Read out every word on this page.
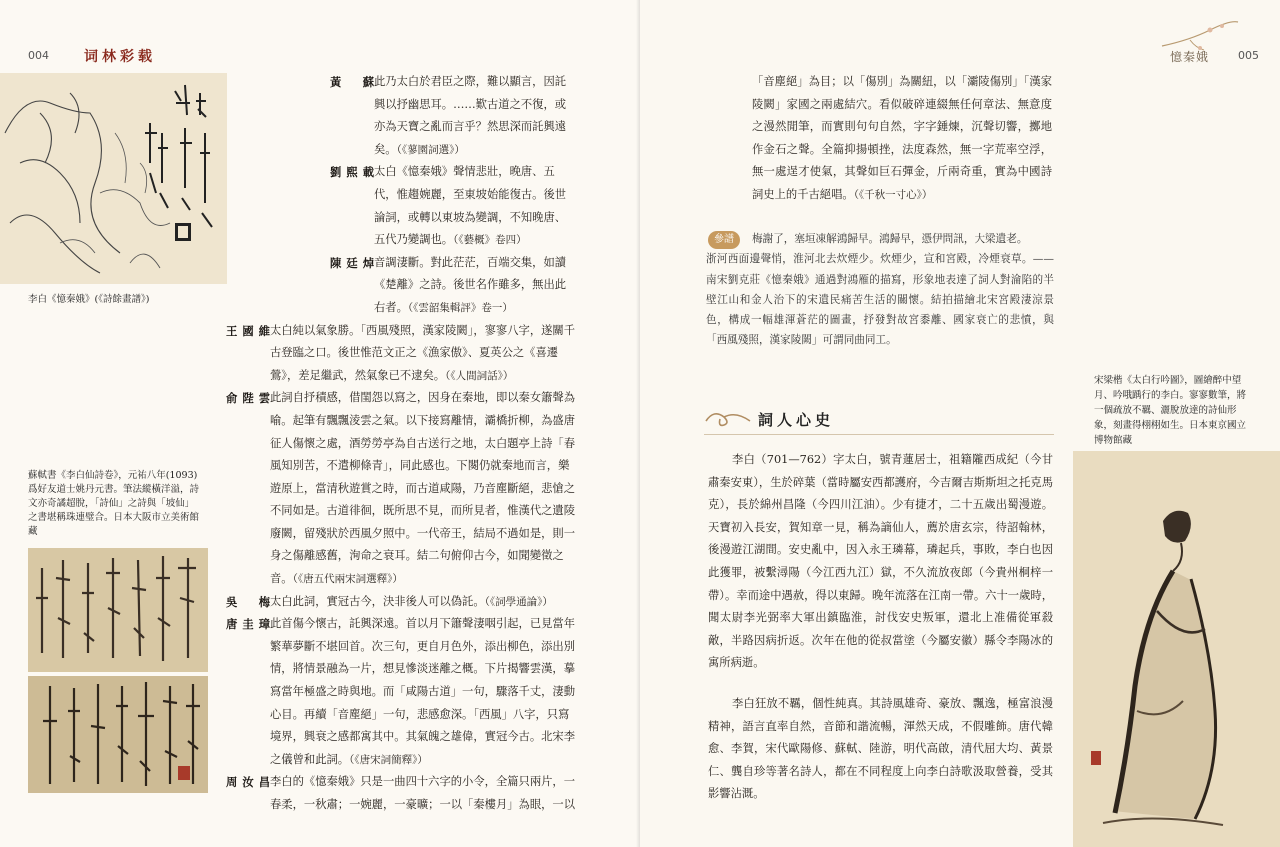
004	词林彩载
李白《憶秦娥》(《詩餘畫譜》)
蘇軾書《李白仙詩卷》，元祐八年(1093)爲好友道士姚丹元書。筆法縱橫洋溢，詩文亦奇譎超脫，「詩仙」之詩與「坡仙」之書堪稱珠連璧合。日本大阪市立美術館藏
黃蘇 此乃太白於君臣之際，難以顯言，因託興以抒幽思耳。……歎古道之不復，或亦為天寶之亂而言乎？然思深而託興遠矣。（《蓼園詞選》）
劉熙載 太白《憶秦娥》聲情悲壯，晚唐、五代，惟趨婉麗，至東坡始能復古。後世論詞，或轉以東坡為變調，不知晚唐、五代乃變調也。（《藝概》卷四）
陳廷焯 音調淒斷。對此茫茫，百端交集，如讀《楚離》之詩。後世名作雖多，無出此右者。（《雲韶集輯評》卷一）
王國維 太白純以氣象勝。「西風殘照，漢家陵闕」，寥寥八字，遂關千古登臨之口。後世惟范文正之《漁家傲》、夏英公之《喜遷鶯》，差足繼武，然氣象已不逮矣。（《人間詞話》）
俞陛雲 此詞自抒積感，借閨怨以寫之，因身在秦地，即以秦女簫聲為喻。起筆有飄飄淩雲之氣。以下接寫離情，灞橋折柳，為盛唐征人傷懷之處，酒勞勞亭為自古送行之地，太白題亭上詩「春風知別苦，不遣柳條青」，同此感也。下闋仍就秦地而言，樂遊原上，當清秋遊賞之時，而古道咸陽，乃音塵斷絕，悲愴之不同如是。古道徘徊，既所思不見，而所見者，惟漢代之遺陵廢闕，留殘狀於西風夕照中。一代帝王，結局不過如是，則一身之傷離感舊，洵命之衰耳。結二句俯仰古今，如聞變徵之音。（《唐五代兩宋詞選釋》）
吳梅 太白此詞，實冠古今，決非後人可以偽託。（《詞學通論》）
唐圭璋 此首傷今懷古，託興深遠。首以月下簫聲淒咽引起，已見當年繁華夢斷不堪回首。次三句，更自月色外，添出柳色，添出別情，將情景融為一片，想見慘淡迷離之概。下片揭響雲漢，摹寫當年極盛之時與地。而「咸陽古道」一句，驟落千丈，淒動心目。再續「音塵絕」一句，悲感愈深。「西風」八字，只寫境界，興衰之感都寓其中。其氣魄之雄偉，實冠今古。北宋李之儀曾和此詞。（《唐宋詞簡釋》）
周汝昌 李白的《憶秦娥》只是一曲四十六字的小令，全篇只兩片，一春柔，一秋肅；一婉麗，一豪曠；一以「秦樓月」為眼，一以
憶秦娥	005
「音塵絕」為目；以「傷別」為關紐，以「灞陵傷別」「漢家陵闕」家國之兩處結穴。看似破碎連綴無任何章法、無意度之漫然閒筆，而實則句句自然，字字錘煉，沉聲切響，擲地作金石之聲。全篇抑揚頓挫，法度森然，無一字荒率空浮，無一處逞才使氣，其聲如巨石彈金，斤兩奇重，實為中國詩詞史上的千古絕唱。（《千秋一寸心》）
參譜 梅謝了，塞垣凍解鴻歸早。鴻歸早，憑伊問訊，大梁遺老。
浙河西面邊聲悄，淮河北去炊煙少。炊煙少，宣和宮殿，冷煙衰草。——南宋劉克莊《憶秦娥》通過對鴻雁的描寫，形象地表達了詞人對淪陷的半壁江山和金人治下的宋遺民痛苦生活的關懷。結拍描繪北宋宮殿淒涼景色，構成一幅雄渾蒼茫的圖畫，抒發對故宮黍離、國家衰亡的悲憤，與「西風殘照，漢家陵闕」可謂同曲同工。
詞人心史
李白（701—762）字太白，號青蓮居士，祖籍隴西成紀（今甘肅秦安東），生於碎葉（當時屬安西都護府，今吉爾吉斯斯坦之托克馬克），長於綿州昌隆（今四川江油）。少有捷才，二十五歲出蜀漫遊。天寶初入長安，賀知章一見，稱為謫仙人，薦於唐玄宗，待詔翰林，後漫遊江湖間。安史亂中，因入永王璘幕，璘起兵，事敗，李白也因此獲罪，被繫潯陽（今江西九江）獄，不久流放夜郎（今貴州桐梓一帶）。幸而途中遇赦，得以東歸。晚年流落在江南一帶。六十一歲時，聞太尉李光弼率大軍出鎮臨淮，討伐安史叛軍，還北上准備從軍殺敵，半路因病折返。次年在他的從叔當塗（今屬安徽）縣令李陽冰的寓所病逝。
李白狂放不羈，個性純真。其詩風雄奇、豪放、飄逸，極富浪漫精神，語言直率自然，音節和諧流暢，渾然天成，不假雕飾。唐代韓愈、李賀，宋代歐陽修、蘇軾、陸游，明代高啟，清代屈大均、黃景仁、龔自珍等著名詩人，都在不同程度上向李白詩歌汲取營養，受其影響沾溉。
宋梁楷《太白行吟圖》，圖繪醉中望月、吟哦踽行的李白。寥寥數筆，將一個疏放不羈、灑脫放達的詩仙形象，刻畫得栩栩如生。日本東京國立博物館藏
